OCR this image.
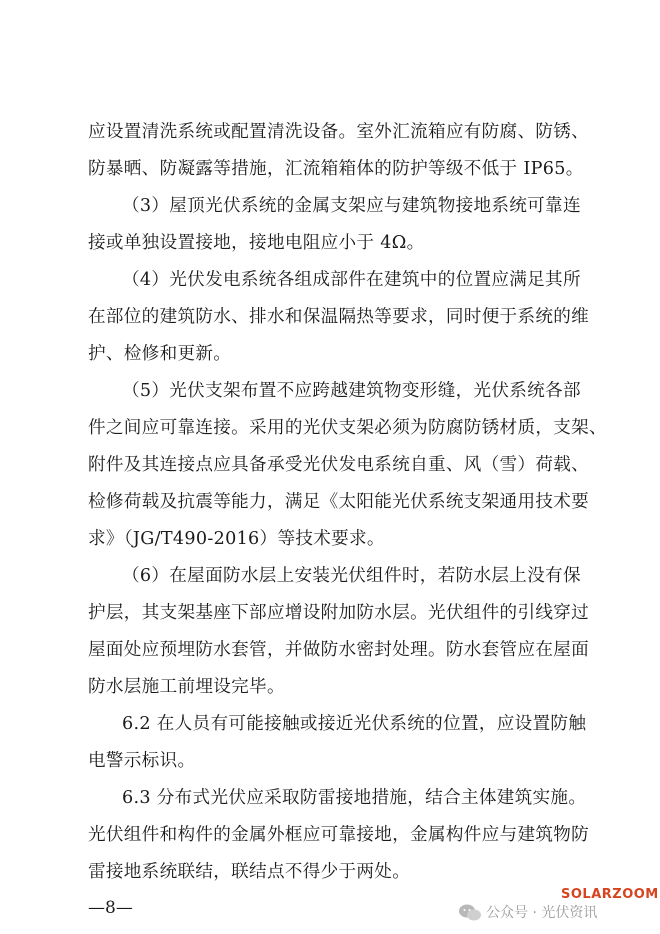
应设置清洗系统或配置清洗设备。室外汇流箱应有防腐、防锈、
防暴晒、防凝露等措施，汇流箱箱体的防护等级不低于 IP65。
（3）屋顶光伏系统的金属支架应与建筑物接地系统可靠连
接或单独设置接地，接地电阻应小于 4Ω。
（4）光伏发电系统各组成部件在建筑中的位置应满足其所
在部位的建筑防水、排水和保温隔热等要求，同时便于系统的维
护、检修和更新。
（5）光伏支架布置不应跨越建筑物变形缝，光伏系统各部
件之间应可靠连接。采用的光伏支架必须为防腐防锈材质，支架、
附件及其连接点应具备承受光伏发电系统自重、风（雪）荷载、
检修荷载及抗震等能力，满足《太阳能光伏系统支架通用技术要
求》（JG/T490-2016）等技术要求。
（6）在屋面防水层上安装光伏组件时，若防水层上没有保
护层，其支架基座下部应增设附加防水层。光伏组件的引线穿过
屋面处应预埋防水套管，并做防水密封处理。防水套管应在屋面
防水层施工前埋设完毕。
6.2 在人员有可能接触或接近光伏系统的位置，应设置防触
电警示标识。
6.3 分布式光伏应采取防雷接地措施，结合主体建筑实施。
光伏组件和构件的金属外框应可靠接地，金属构件应与建筑物防
雷接地系统联结，联结点不得少于两处。
—8—
SOLARZOOM
公众号 · 光伏资讯
